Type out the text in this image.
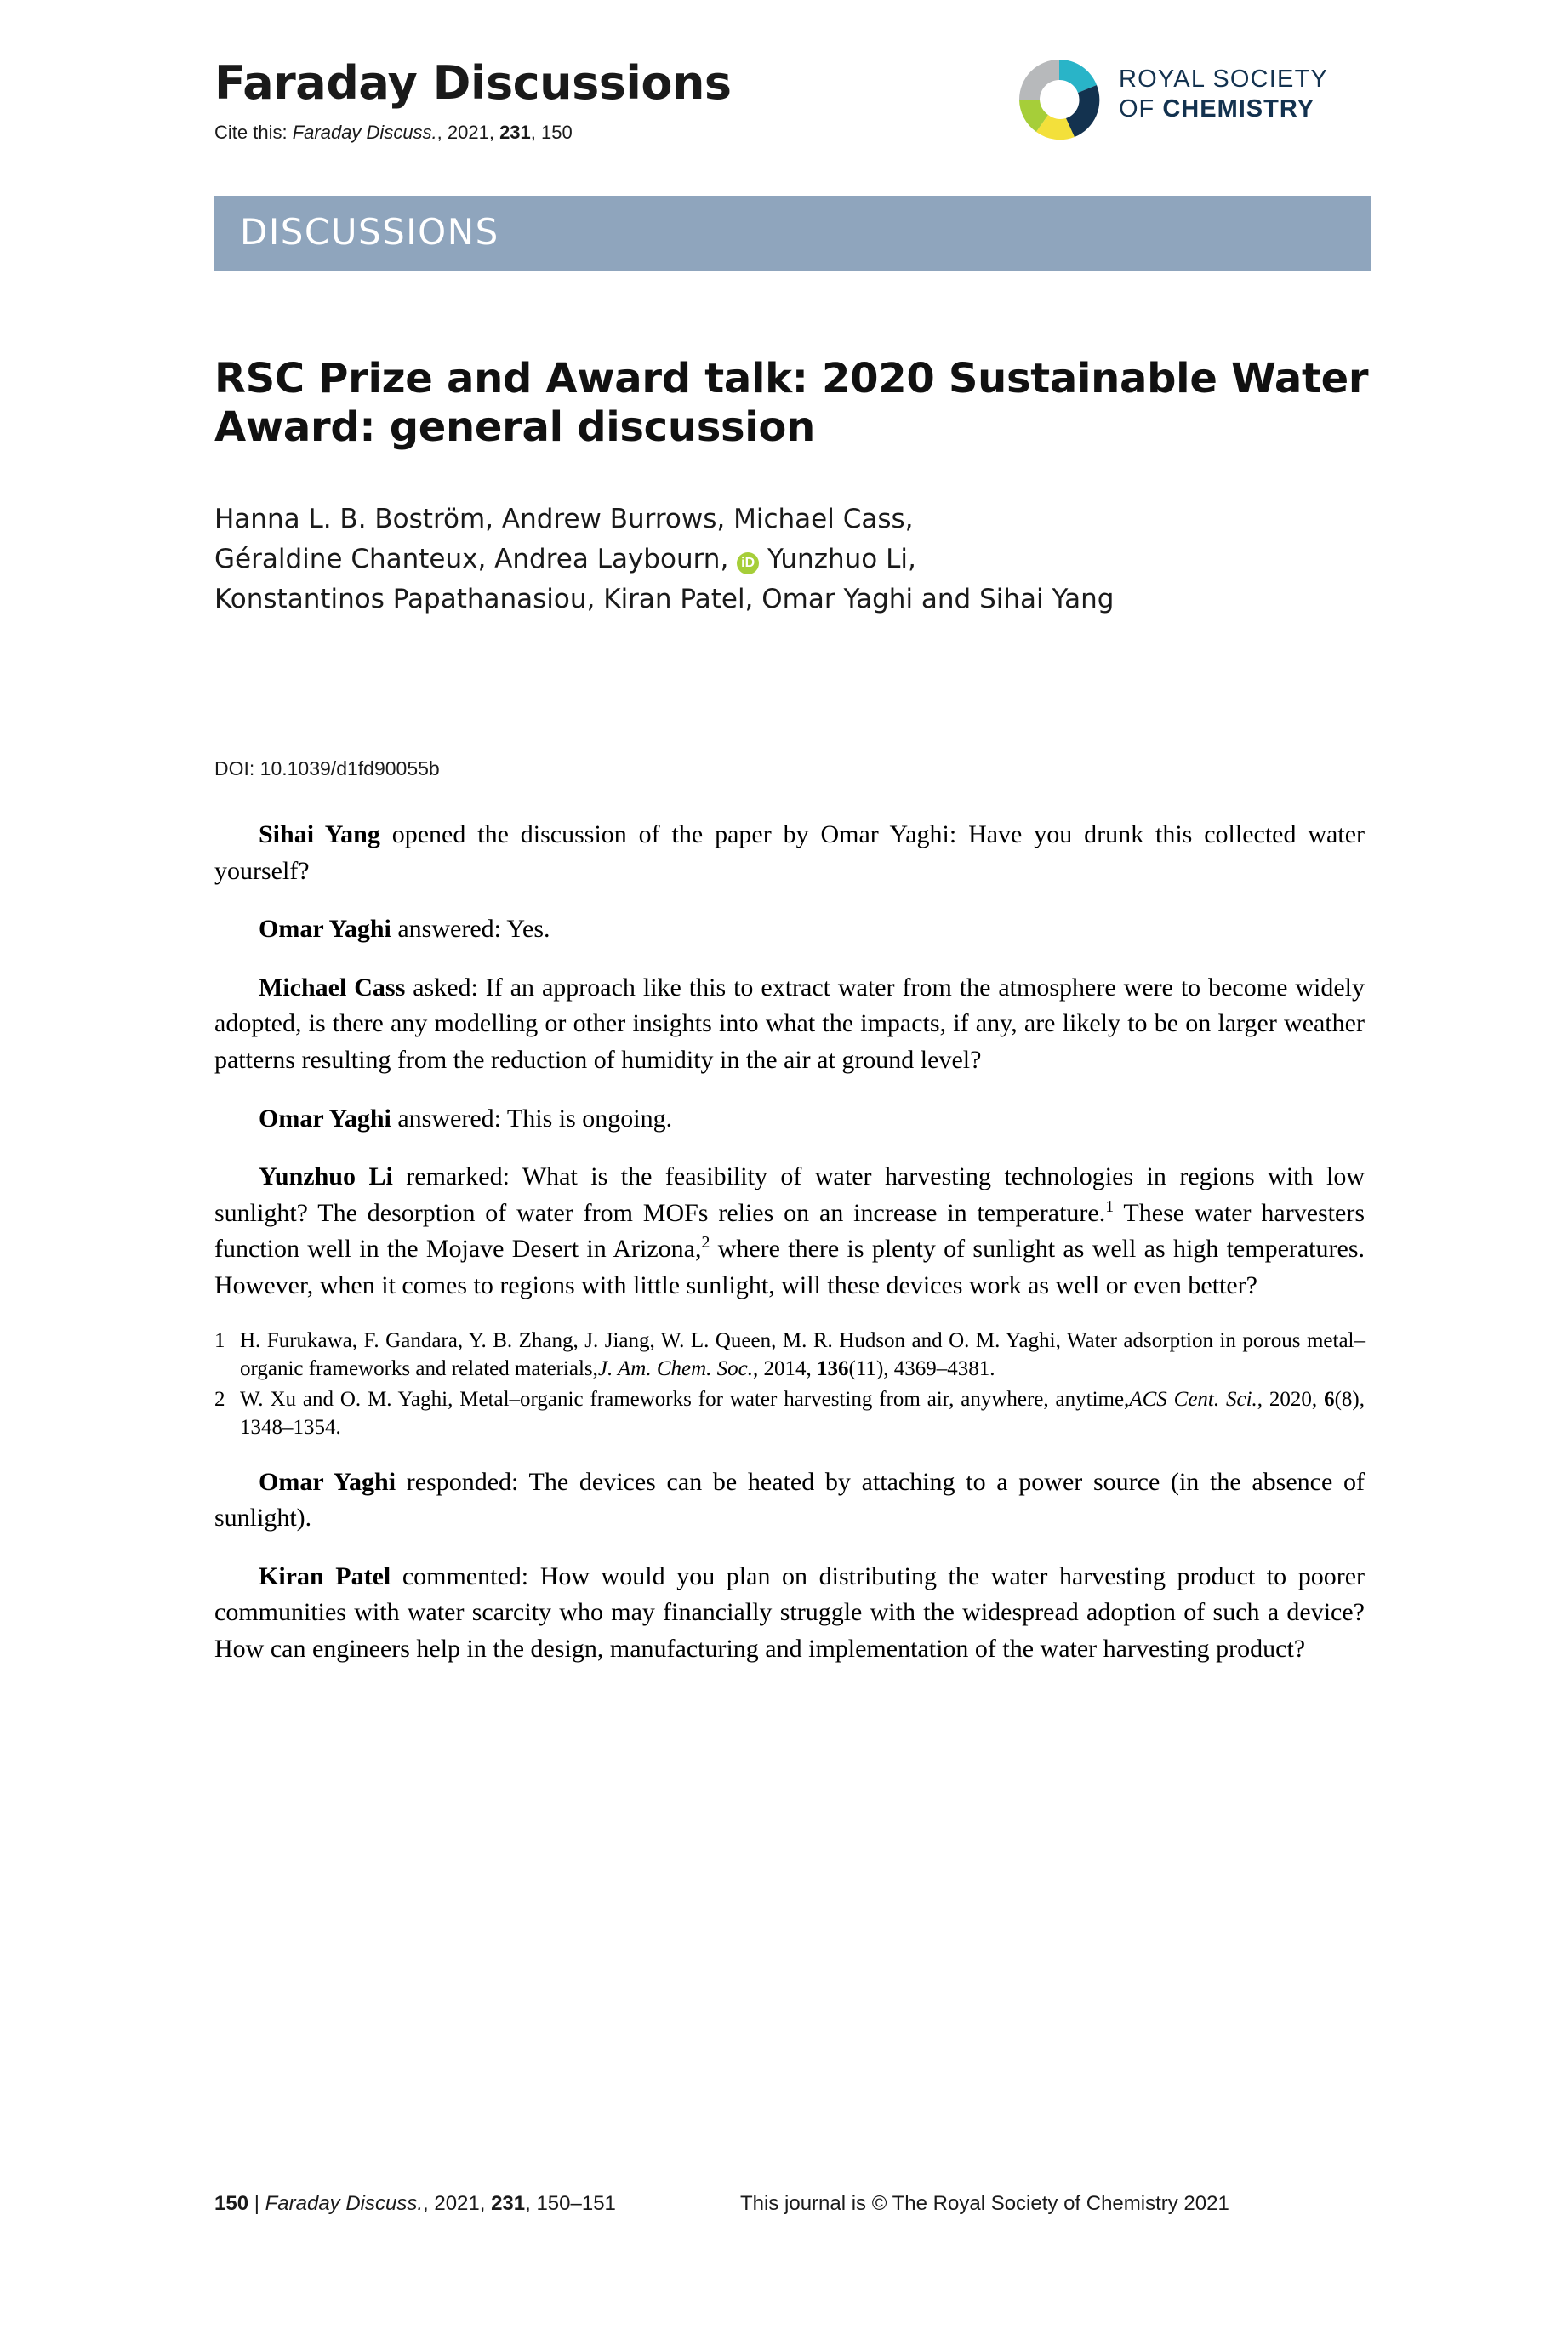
Faraday Discussions
Cite this: Faraday Discuss., 2021, 231, 150
ROYAL SOCIETY
OF CHEMISTRY
DISCUSSIONS
RSC Prize and Award talk: 2020 Sustainable Water Award: general discussion
Hanna L. B. Boström, Andrew Burrows, Michael Cass,
Géraldine Chanteux, Andrea Laybourn, iD Yunzhuo Li,
Konstantinos Papathanasiou, Kiran Patel, Omar Yaghi and Sihai Yang
DOI: 10.1039/d1fd90055b

Sihai Yang opened the discussion of the paper by Omar Yaghi: Have you drunk this collected water yourself?

Omar Yaghi answered: Yes.

Michael Cass asked: If an approach like this to extract water from the atmosphere were to become widely adopted, is there any modelling or other insights into what the impacts, if any, are likely to be on larger weather patterns resulting from the reduction of humidity in the air at ground level?

Omar Yaghi answered: This is ongoing.

Yunzhuo Li remarked: What is the feasibility of water harvesting technologies in regions with low sunlight? The desorption of water from MOFs relies on an increase in temperature.$^1$ These water harvesters function well in the Mojave Desert in Arizona,$^2$ where there is plenty of sunlight as well as high temperatures. However, when it comes to regions with little sunlight, will these devices work as well or even better?

1 H. Furukawa, F. Gandara, Y. B. Zhang, J. Jiang, W. L. Queen, M. R. Hudson and O. M. Yaghi, Water adsorption in porous metal–organic frameworks and related materials,J. Am. Chem. Soc., 2014, 136(11), 4369–4381.
2 W. Xu and O. M. Yaghi, Metal–organic frameworks for water harvesting from air, anywhere, anytime,ACS Cent. Sci., 2020, 6(8), 1348–1354.

Omar Yaghi responded: The devices can be heated by attaching to a power source (in the absence of sunlight).

Kiran Patel commented: How would you plan on distributing the water harvesting product to poorer communities with water scarcity who may financially struggle with the widespread adoption of such a device? How can engineers help in the design, manufacturing and implementation of the water harvesting product?

150 | Faraday Discuss., 2021, 231, 150–151	This journal is © The Royal Society of Chemistry 2021
